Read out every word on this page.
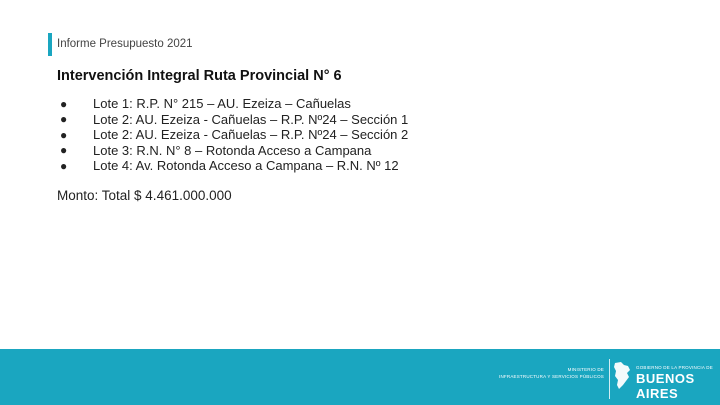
Informe Presupuesto 2021
Intervención Integral Ruta Provincial N° 6
●	Lote 1: R.P. N° 215 – AU. Ezeiza – Cañuelas
●	Lote 2: AU. Ezeiza - Cañuelas – R.P. Nº24 – Sección 1
●	Lote 2: AU. Ezeiza - Cañuelas – R.P. Nº24 – Sección 2
●	Lote 3: R.N. N° 8 – Rotonda Acceso a Campana
●	Lote 4: Av. Rotonda Acceso a Campana – R.N. Nº 12
Monto: Total $ 4.461.000.000
MINISTERIO DE
INFRAESTRUCTURA Y SERVICIOS PÚBLICOS
GOBIERNO DE LA PROVINCIA DE
BUENOS AIRES
